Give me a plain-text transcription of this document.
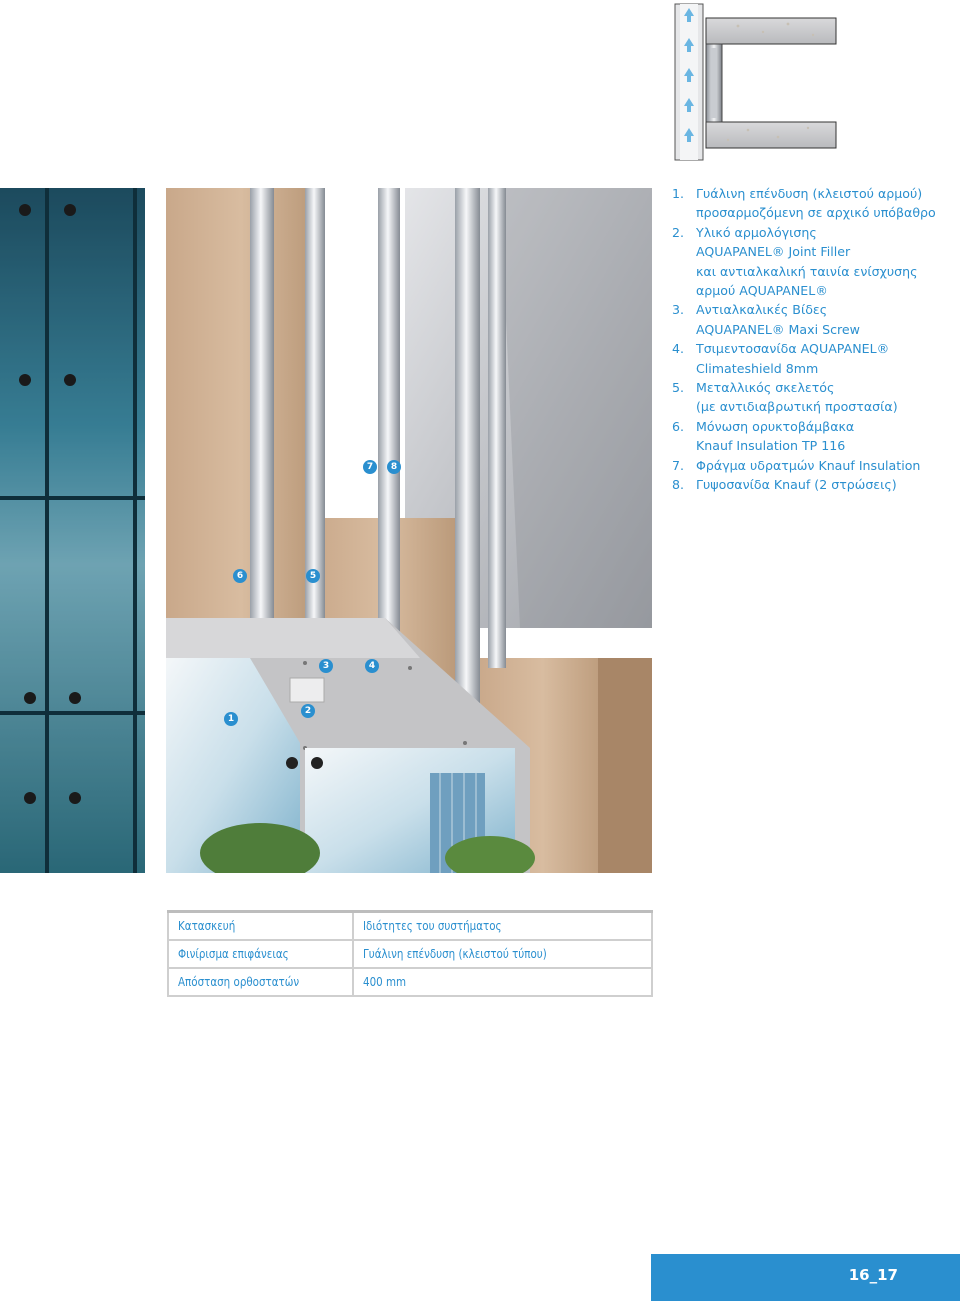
7	8
6	5
3	4
1
2
1. Γυάλινη επένδυση (κλειστού αρμού)
προσαρμοζόμενη σε αρχικό υπόβαθρο
2. Υλικό αρμολόγισης
AQUAPANEL® Joint Filler
και αντιαλκαλική ταινία ενίσχυσης
αρμού AQUAPANEL®
3. Αντιαλκαλικές Βίδες
AQUAPANEL® Maxi Screw
4. Τσιμεντοσανίδα AQUAPANEL®
Climateshield 8mm
5. Μεταλλικός σκελετός
(με αντιδιαβρωτική προστασία)
6. Μόνωση ορυκτοβάμβακα
Knauf Insulation TP 116
7. Φράγμα υδρατμών Knauf Insulation
8. Γυψοσανίδα Knauf (2 στρώσεις)
Κατασκευή	Ιδιότητες του συστήματος
Φινίρισμα επιφάνειας	Γυάλινη επένδυση (κλειστού τύπου)
Απόσταση ορθοστατών	400 mm
16_17
